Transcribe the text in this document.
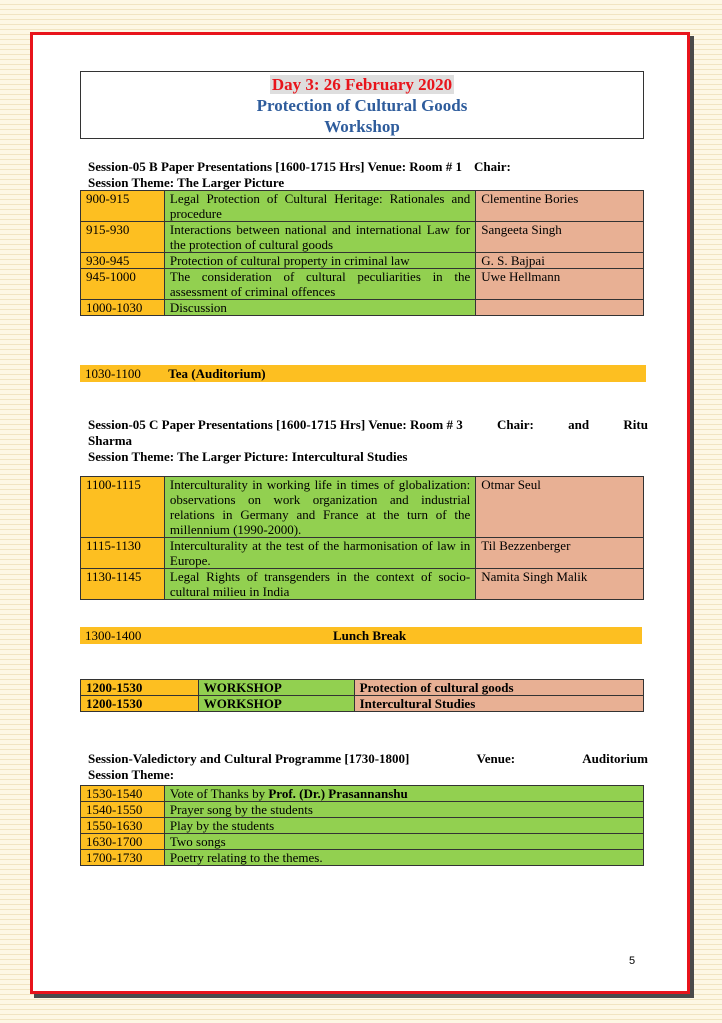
Day 3: 26 February 2020
Protection of Cultural Goods
Workshop
Session-05 B Paper Presentations [1600-1715 Hrs] Venue: Room # 1 Chair:
Session Theme: The Larger Picture
900-915	Legal Protection of Cultural Heritage: Rationales and procedure	Clementine Bories
915-930	Interactions between national and international Law for the protection of cultural goods	Sangeeta Singh
930-945	Protection of cultural property in criminal law	G. S. Bajpai
945-1000	The consideration of cultural peculiarities in the assessment of criminal offences	Uwe Hellmann
1000-1030	Discussion	
1030-1100 Tea (Auditorium)
Session-05 C Paper Presentations [1600-1715 Hrs] Venue: Room # 3	Chair:	and	Ritu
Sharma
Session Theme: The Larger Picture: Intercultural Studies
1100-1115	Interculturality in working life in times of globalization: observations on work organization and industrial relations in Germany and France at the turn of the millennium (1990-2000).	Otmar Seul
1115-1130	Interculturality at the test of the harmonisation of law in Europe.	Til Bezzenberger
1130-1145	Legal Rights of transgenders in the context of socio-cultural milieu in India	Namita Singh Malik
1300-1400	Lunch Break
1200-1530	WORKSHOP	Protection of cultural goods
1200-1530	WORKSHOP	Intercultural Studies
Session-Valedictory and Cultural Programme [1730-1800]	Venue:	Auditorium
Session Theme:
1530-1540	Vote of Thanks by Prof. (Dr.) Prasannanshu
1540-1550	Prayer song by the students
1550-1630	Play by the students
1630-1700	Two songs
1700-1730	Poetry relating to the themes.
5
